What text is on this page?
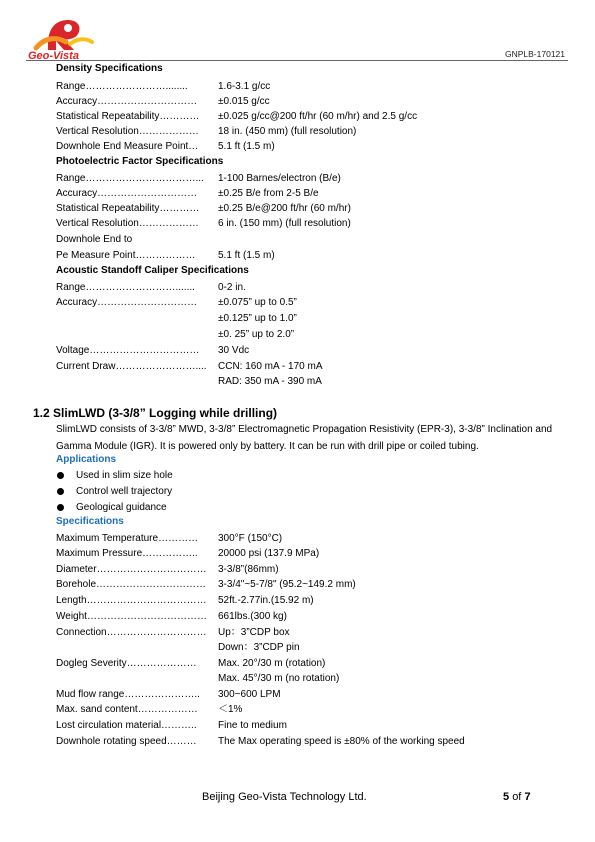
Geo-Vista	GNPLB-170121
Density Specifications
Range……………………........	1.6-3.1 g/cc
Accuracy………………………… ±0.015 g/cc
Statistical Repeatability………… ±0.025 g/cc@200 ft/hr (60 m/hr) and 2.5 g/cc
Vertical Resolution……………… 18 in. (450 mm) (full resolution)
Downhole End Measure Point… 5.1 ft (1.5 m)
Photoelectric Factor Specifications
Range……………………………... 1-100 Barnes/electron (B/e)
Accuracy………………………… ±0.25 B/e from 2-5 B/e
Statistical Repeatability………… ±0.25 B/e@200 ft/hr (60 m/hr)
Vertical Resolution……………… 6 in. (150 mm) (full resolution)
Downhole End to
Pe Measure Point……………… 5.1 ft (1.5 m)
Acoustic Standoff Caliper Specifications
Range………………………....... 0-2 in.
Accuracy………………………… ±0.075” up to 0.5”
±0.125” up to 1.0”
±0. 25” up to 2.0”
Voltage…………………………… 30 Vdc
Current Draw…………………….... CCN: 160 mA - 170 mA
RAD: 350 mA - 390 mA
1.2 SlimLWD (3-3/8” Logging while drilling)
SlimLWD consists of 3-3/8” MWD, 3-3/8” Electromagnetic Propagation Resistivity (EPR-3), 3-3/8” Inclination and Gamma Module (IGR). It is powered only by battery. It can be run with drill pipe or coiled tubing.
Applications
Used in slim size hole
Control well trajectory
Geological guidance
Specifications
Maximum Temperature………… 300°F (150°C)
Maximum Pressure…………….. 20000 psi (137.9 MPa)
Diameter…………………………… 3-3/8”(86mm)
Borehole…………………………… 3-3/4"~5-7/8" (95.2~149.2 mm)
Length……………………………… 52ft.-2.77in.(15.92 m)
Weight……………………………… 661lbs.(300 kg)
Connection………………………… Up：3”CDP box
Down：3”CDP pin
Dogleg Severity………………… Max. 20°/30 m (rotation)
Max. 45°/30 m (no rotation)
Mud flow range………………….. 300~600 LPM
Max. sand content……………… ＜1%
Lost circulation material……….. Fine to medium
Downhole rotating speed……… The Max operating speed is ±80% of the working speed
Beijing Geo-Vista Technology Ltd.	5 of 7
